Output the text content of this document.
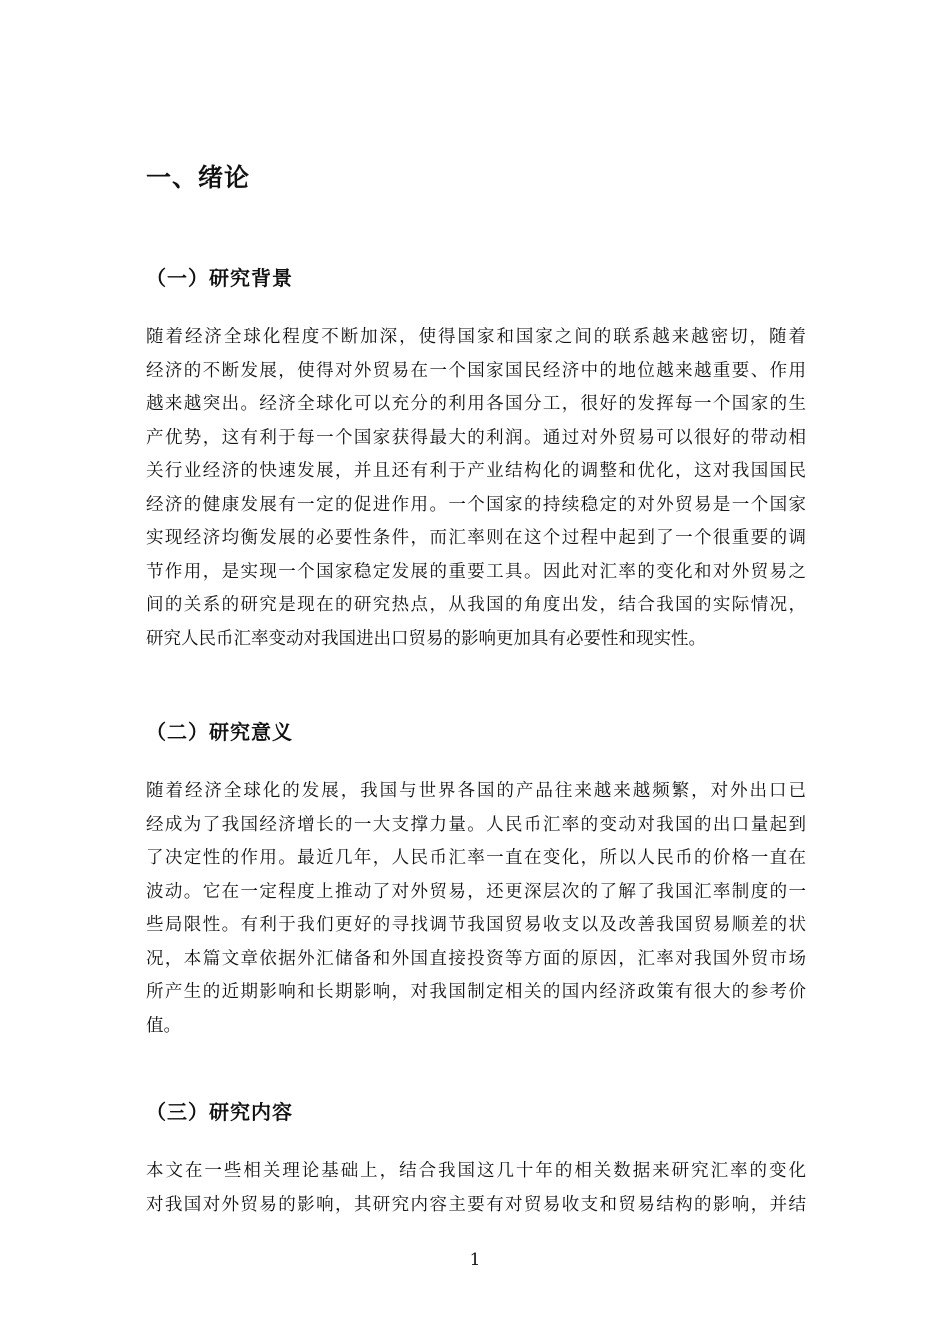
一、绪论
（一）研究背景
随着经济全球化程度不断加深，使得国家和国家之间的联系越来越密切，随着
经济的不断发展，使得对外贸易在一个国家国民经济中的地位越来越重要、作用
越来越突出。经济全球化可以充分的利用各国分工，很好的发挥每一个国家的生
产优势，这有利于每一个国家获得最大的利润。通过对外贸易可以很好的带动相
关行业经济的快速发展，并且还有利于产业结构化的调整和优化，这对我国国民
经济的健康发展有一定的促进作用。一个国家的持续稳定的对外贸易是一个国家
实现经济均衡发展的必要性条件，而汇率则在这个过程中起到了一个很重要的调
节作用，是实现一个国家稳定发展的重要工具。因此对汇率的变化和对外贸易之
间的关系的研究是现在的研究热点，从我国的角度出发，结合我国的实际情况，
研究人民币汇率变动对我国进出口贸易的影响更加具有必要性和现实性。
（二）研究意义
随着经济全球化的发展，我国与世界各国的产品往来越来越频繁，对外出口已
经成为了我国经济增长的一大支撑力量。人民币汇率的变动对我国的出口量起到
了决定性的作用。最近几年，人民币汇率一直在变化，所以人民币的价格一直在
波动。它在一定程度上推动了对外贸易，还更深层次的了解了我国汇率制度的一
些局限性。有利于我们更好的寻找调节我国贸易收支以及改善我国贸易顺差的状
况，本篇文章依据外汇储备和外国直接投资等方面的原因，汇率对我国外贸市场
所产生的近期影响和长期影响，对我国制定相关的国内经济政策有很大的参考价
值。
（三）研究内容
本文在一些相关理论基础上，结合我国这几十年的相关数据来研究汇率的变化
对我国对外贸易的影响，其研究内容主要有对贸易收支和贸易结构的影响，并结
1
